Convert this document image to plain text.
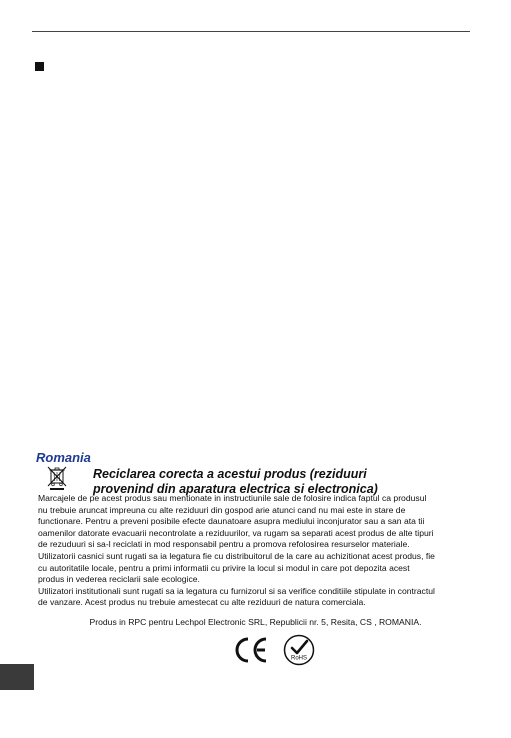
Romania
Reciclarea corecta a acestui produs (reziduuri
provenind din aparatura electrica si electronica)

Marcajele de pe acest produs sau mentionate in instructiunile sale de folosire indica faptul ca produsul

nu trebuie aruncat impreuna cu alte reziduuri din gospod arie atunci cand nu mai este in stare de

functionare. Pentru a preveni posibile efecte daunatoare asupra mediului inconjurator sau a san ata tii

oamenilor datorate evacuarii necontrolate a reziduurilor, va rugam sa separati acest produs de alte tipuri

de rezuduuri si sa-l reciclati in mod responsabil pentru a promova refolosirea resurselor materiale.

Utilizatorii casnici sunt rugati sa ia legatura fie cu distribuitorul de la care au achizitionat acest produs, fie

cu autoritatile locale, pentru a primi informatii cu privire la locul si modul in care pot depozita acest

produs in vederea reciclarii sale ecologice.

Utilizatori institutionali sunt rugati sa ia legatura cu furnizorul si sa verifice conditiile stipulate in contractul

de vanzare. Acest produs nu trebuie amestecat cu alte reziduuri de natura comerciala.

Produs in RPC pentru Lechpol Electronic SRL, Republicii nr. 5, Resita, CS , ROMANIA.
RoHS
